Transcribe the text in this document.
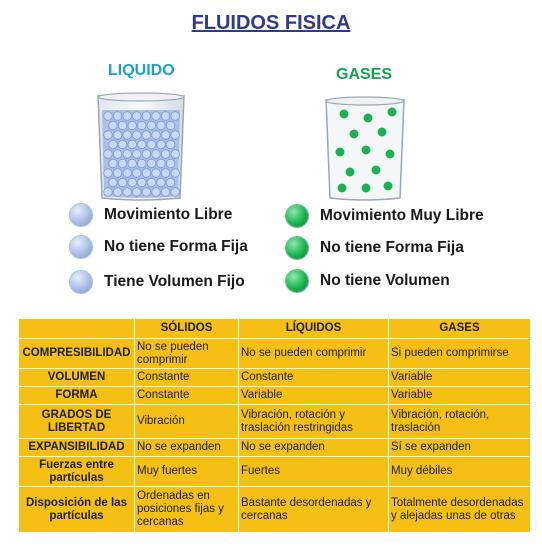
FLUIDOS FISICA
LIQUIDO	GASES
Movimiento Libre
No tiene Forma Fija
Tiene Volumen Fijo
Movimiento Muy Libre
No tiene Forma Fija
No tiene Volumen
	SÓLIDOS	LÍQUIDOS	GASES
COMPRESIBILIDAD	No se pueden comprimir	No se pueden comprimir	Si pueden comprimirse
VOLUMEN	Constante	Constante	Variable
FORMA	Constante	Variable	Variable
GRADOS DE LIBERTAD	Vibración	Vibración, rotación y traslación restringidas	Vibración, rotación, traslación
EXPANSIBILIDAD	No se expanden	No se expanden	Sí se expanden
Fuerzas entre partículas	Muy fuertes	Fuertes	Muy débiles
Disposición de las partículas	Ordenadas en posiciones fijas y cercanas	Bastante desordenadas y cercanas	Totalmente desordenadas y alejadas unas de otras
